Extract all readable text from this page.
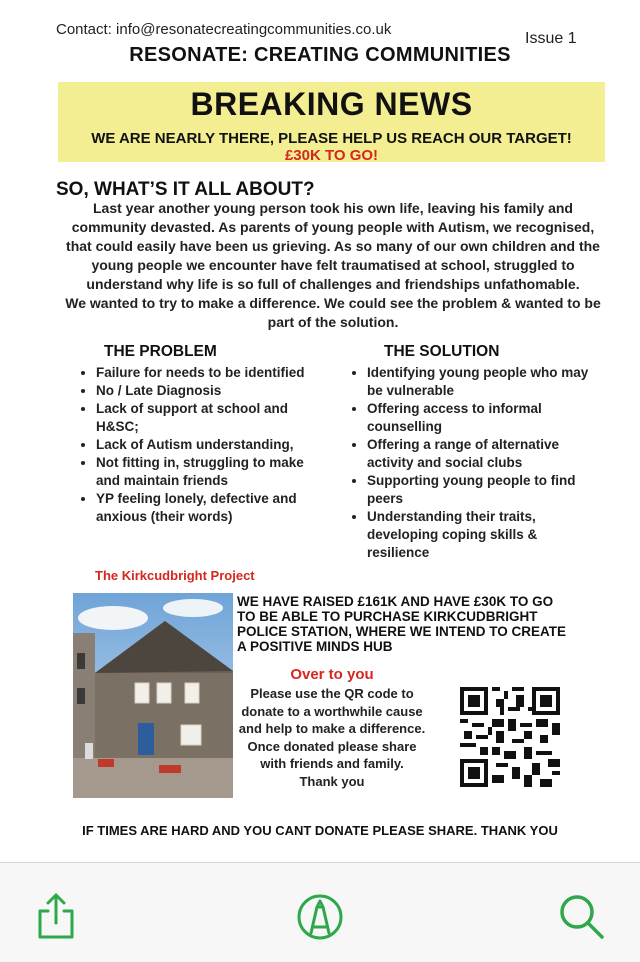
Contact: info@resonatecreatingcommunities.co.uk
Issue 1
RESONATE: CREATING COMMUNITIES
BREAKING NEWS
WE ARE NEARLY THERE, PLEASE HELP US REACH OUR TARGET!
£30K TO GO!
SO, WHAT’S IT ALL ABOUT?

Last year another young person took his own life, leaving his family and community devasted. As parents of young people with Autism, we recognised, that could easily have been us grieving. As so many of our own children and the young people we encounter have felt traumatised at school, struggled to understand why life is so full of challenges and friendships unfathomable.

We wanted to try to make a difference. We could see the problem & wanted to be part of the solution.

THE PROBLEM
• Failure for needs to be identified
• No / Late Diagnosis
• Lack of support at school and H&SC;
• Lack of Autism understanding,
• Not fitting in, struggling to make and maintain friends
• YP feeling lonely, defective and anxious (their words)
THE SOLUTION
• Identifying young people who may be vulnerable
• Offering access to informal counselling
• Offering a range of alternative activity and social clubs
• Supporting young people to find peers
• Understanding their traits, developing coping skills & resilience
The Kirkcudbright Project
WE HAVE RAISED £161K AND HAVE £30K TO GO TO BE ABLE TO PURCHASE KIRKCUDBRIGHT POLICE STATION, WHERE WE INTEND TO CREATE A POSITIVE MINDS HUB
Over to you
Please use the QR code to donate to a worthwhile cause and help to make a difference. Once donated please share with friends and family.
Thank you
IF TIMES ARE HARD AND YOU CANT DONATE PLEASE SHARE. THANK YOU
